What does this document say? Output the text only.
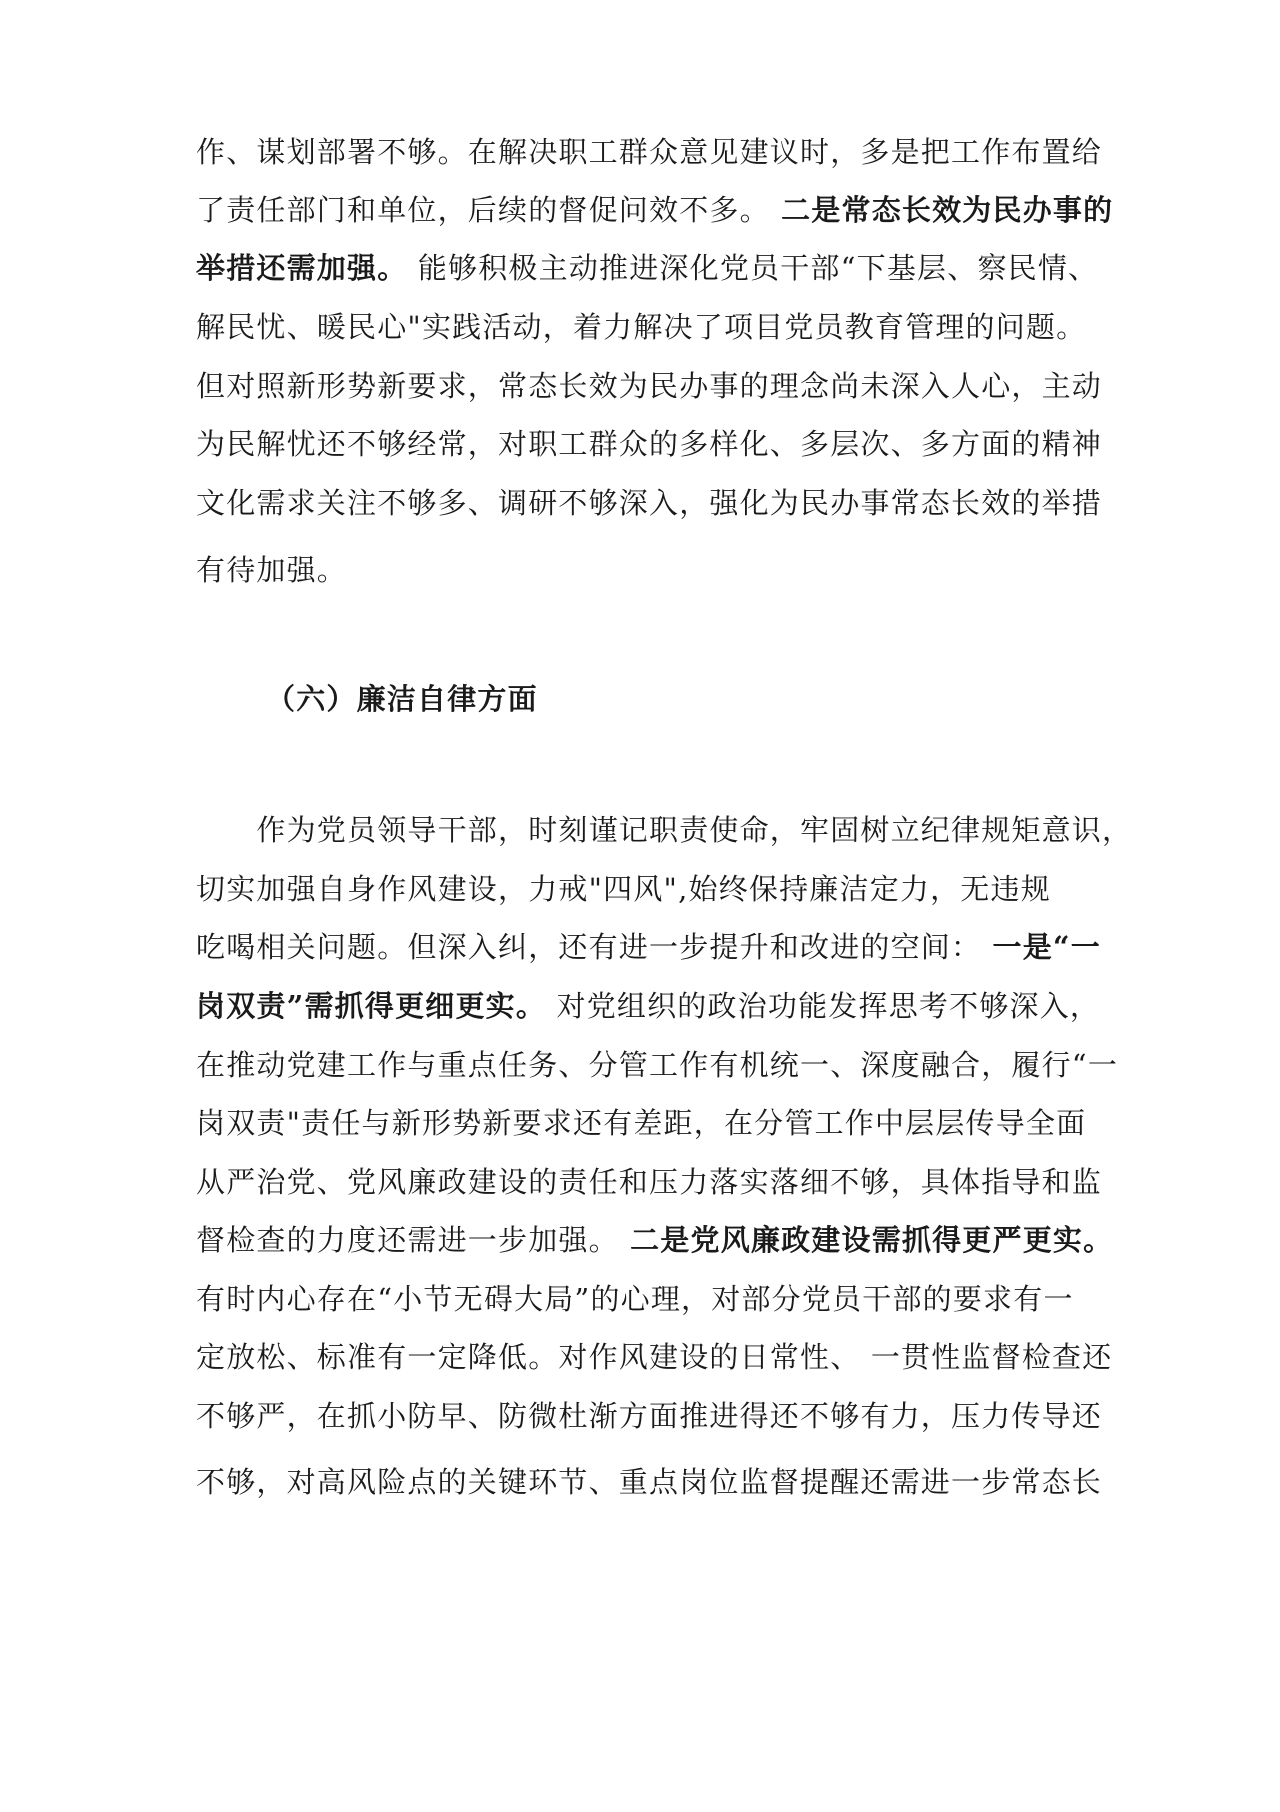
作、谋划部署不够。在解决职工群众意见建议时，多是把工作布置给
了责任部门和单位，后续的督促问效不多。 二是常态长效为民办事的
举措还需加强。 能够积极主动推进深化党员干部“下基层、察民情、
解民忧、暖民心"实践活动，着力解决了项目党员教育管理的问题。
但对照新形势新要求，常态长效为民办事的理念尚未深入人心，主动
为民解忧还不够经常，对职工群众的多样化、多层次、多方面的精神
文化需求关注不够多、调研不够深入，强化为民办事常态长效的举措
有待加强。
（六）廉洁自律方面
　　作为党员领导干部，时刻谨记职责使命，牢固树立纪律规矩意识，
切实加强自身作风建设，力戒"四风",始终保持廉洁定力，无违规
吃喝相关问题。但深入纠，还有进一步提升和改进的空间： 一是“一
岗双责”需抓得更细更实。 对党组织的政治功能发挥思考不够深入，
在推动党建工作与重点任务、分管工作有机统一、深度融合，履行“一
岗双责"责任与新形势新要求还有差距，在分管工作中层层传导全面
从严治党、党风廉政建设的责任和压力落实落细不够，具体指导和监
督检查的力度还需进一步加强。 二是党风廉政建设需抓得更严更实。
有时内心存在“小节无碍大局”的心理，对部分党员干部的要求有一
定放松、标准有一定降低。对作风建设的日常性、 一贯性监督检查还
不够严，在抓小防早、防微杜渐方面推进得还不够有力，压力传导还
不够，对高风险点的关键环节、重点岗位监督提醒还需进一步常态长
